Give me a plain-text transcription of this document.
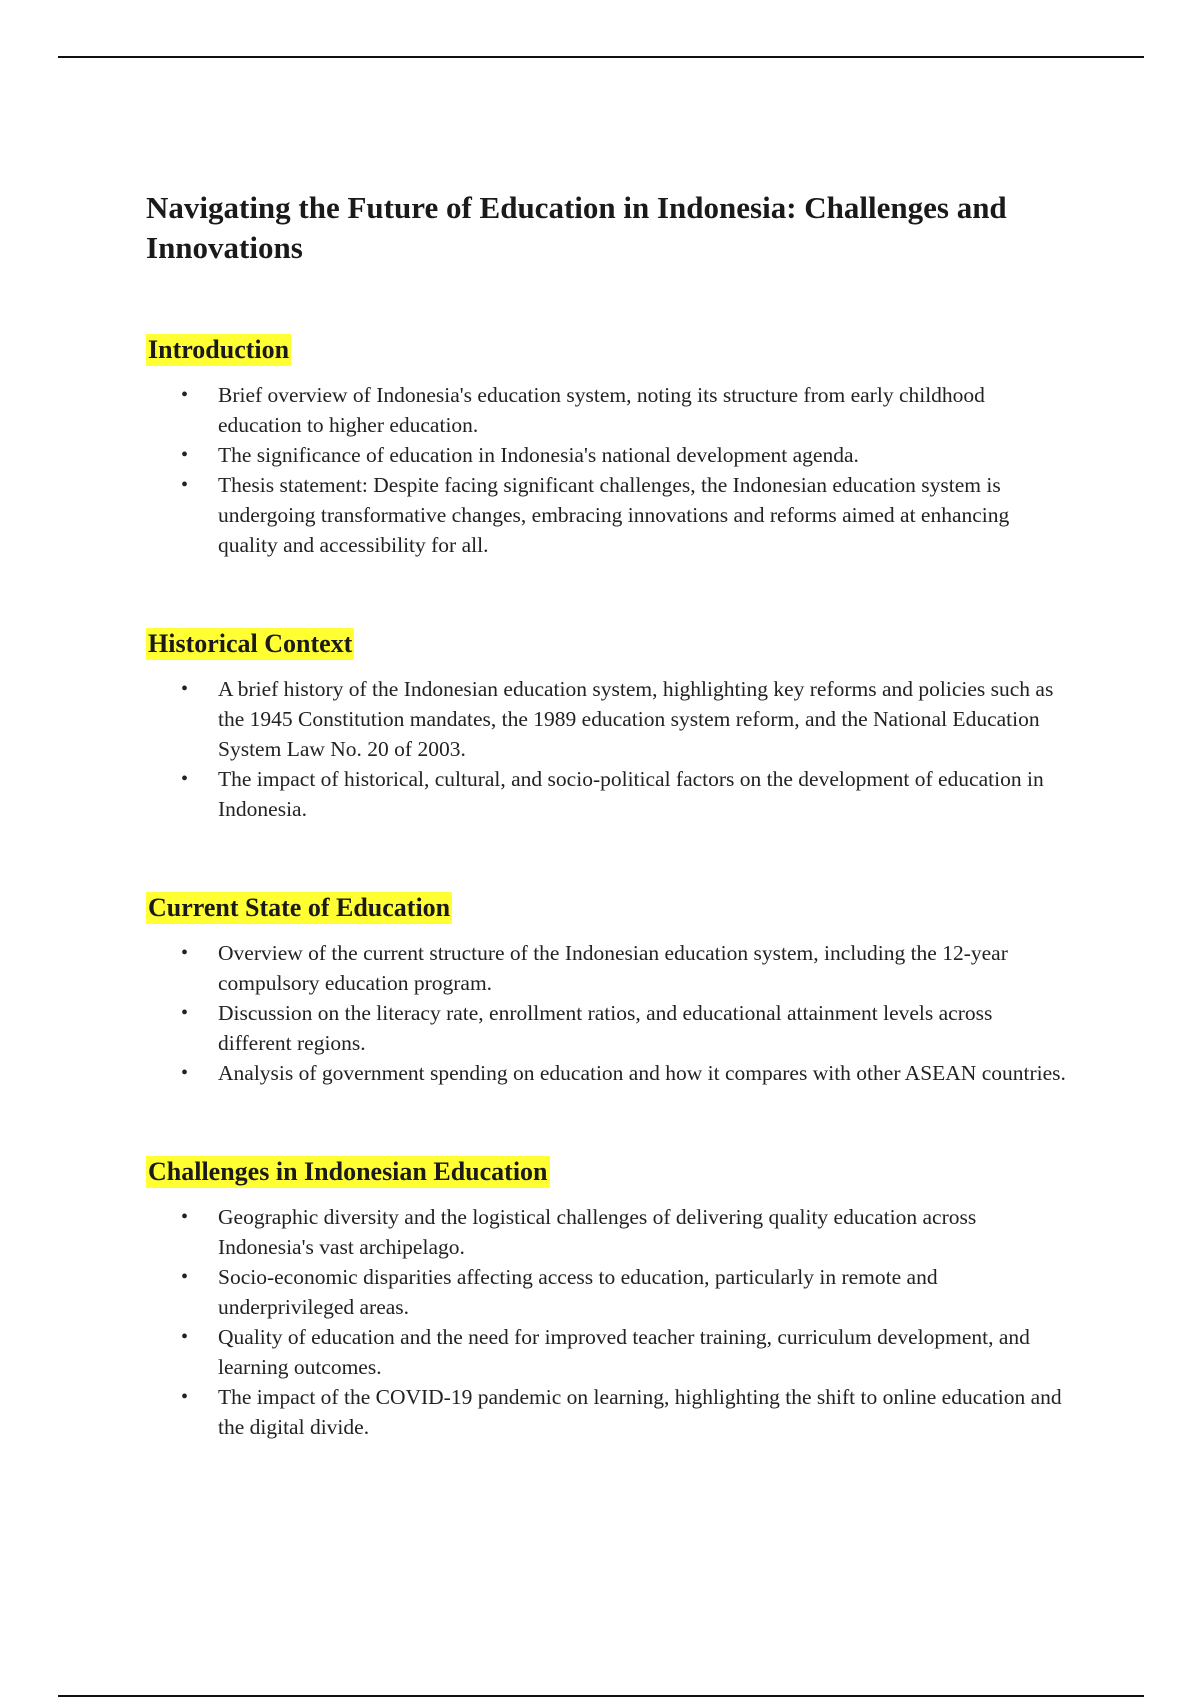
Navigating the Future of Education in Indonesia: Challenges and Innovations
Introduction
• Brief overview of Indonesia's education system, noting its structure from early childhood education to higher education.
• The significance of education in Indonesia's national development agenda.
• Thesis statement: Despite facing significant challenges, the Indonesian education system is undergoing transformative changes, embracing innovations and reforms aimed at enhancing quality and accessibility for all.
Historical Context
• A brief history of the Indonesian education system, highlighting key reforms and policies such as the 1945 Constitution mandates, the 1989 education system reform, and the National Education System Law No. 20 of 2003.
• The impact of historical, cultural, and socio-political factors on the development of education in Indonesia.
Current State of Education
• Overview of the current structure of the Indonesian education system, including the 12-year compulsory education program.
• Discussion on the literacy rate, enrollment ratios, and educational attainment levels across different regions.
• Analysis of government spending on education and how it compares with other ASEAN countries.
Challenges in Indonesian Education
• Geographic diversity and the logistical challenges of delivering quality education across Indonesia's vast archipelago.
• Socio-economic disparities affecting access to education, particularly in remote and underprivileged areas.
• Quality of education and the need for improved teacher training, curriculum development, and learning outcomes.
• The impact of the COVID-19 pandemic on learning, highlighting the shift to online education and the digital divide.
